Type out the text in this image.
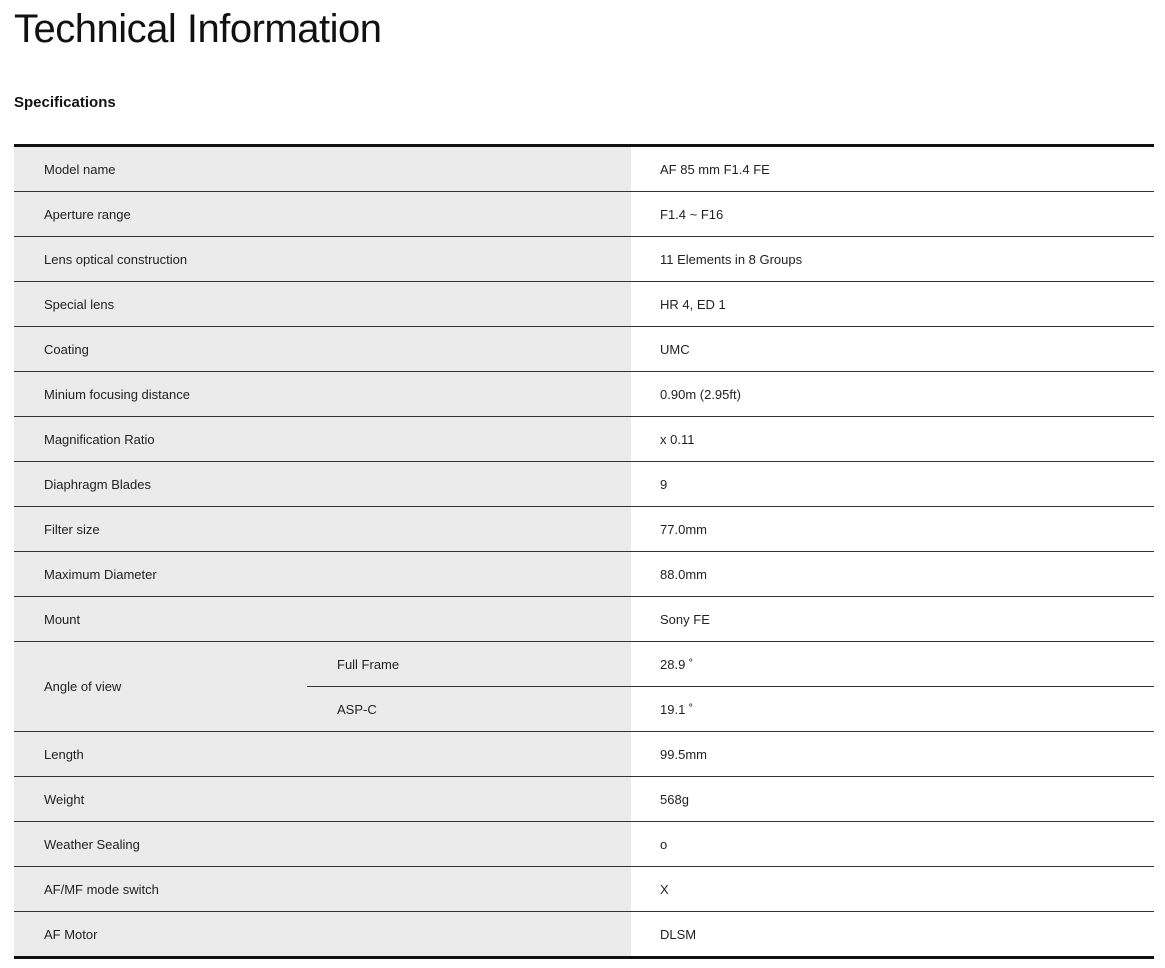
Technical Information
Specifications
Model name		AF 85 mm F1.4 FE
Aperture range		F1.4 ~ F16
Lens optical construction		11 Elements in 8 Groups
Special lens		HR 4, ED 1
Coating		UMC
Minium focusing distance		0.90m (2.95ft)
Magnification Ratio		x 0.11
Diaphragm Blades		9
Filter size		77.0mm
Maximum Diameter		88.0mm
Mount		Sony FE
Angle of view	Full Frame	28.9 ˚
	ASP-C	19.1 ˚
Length		99.5mm
Weight		568g
Weather Sealing		o
AF/MF mode switch		X
AF Motor		DLSM
